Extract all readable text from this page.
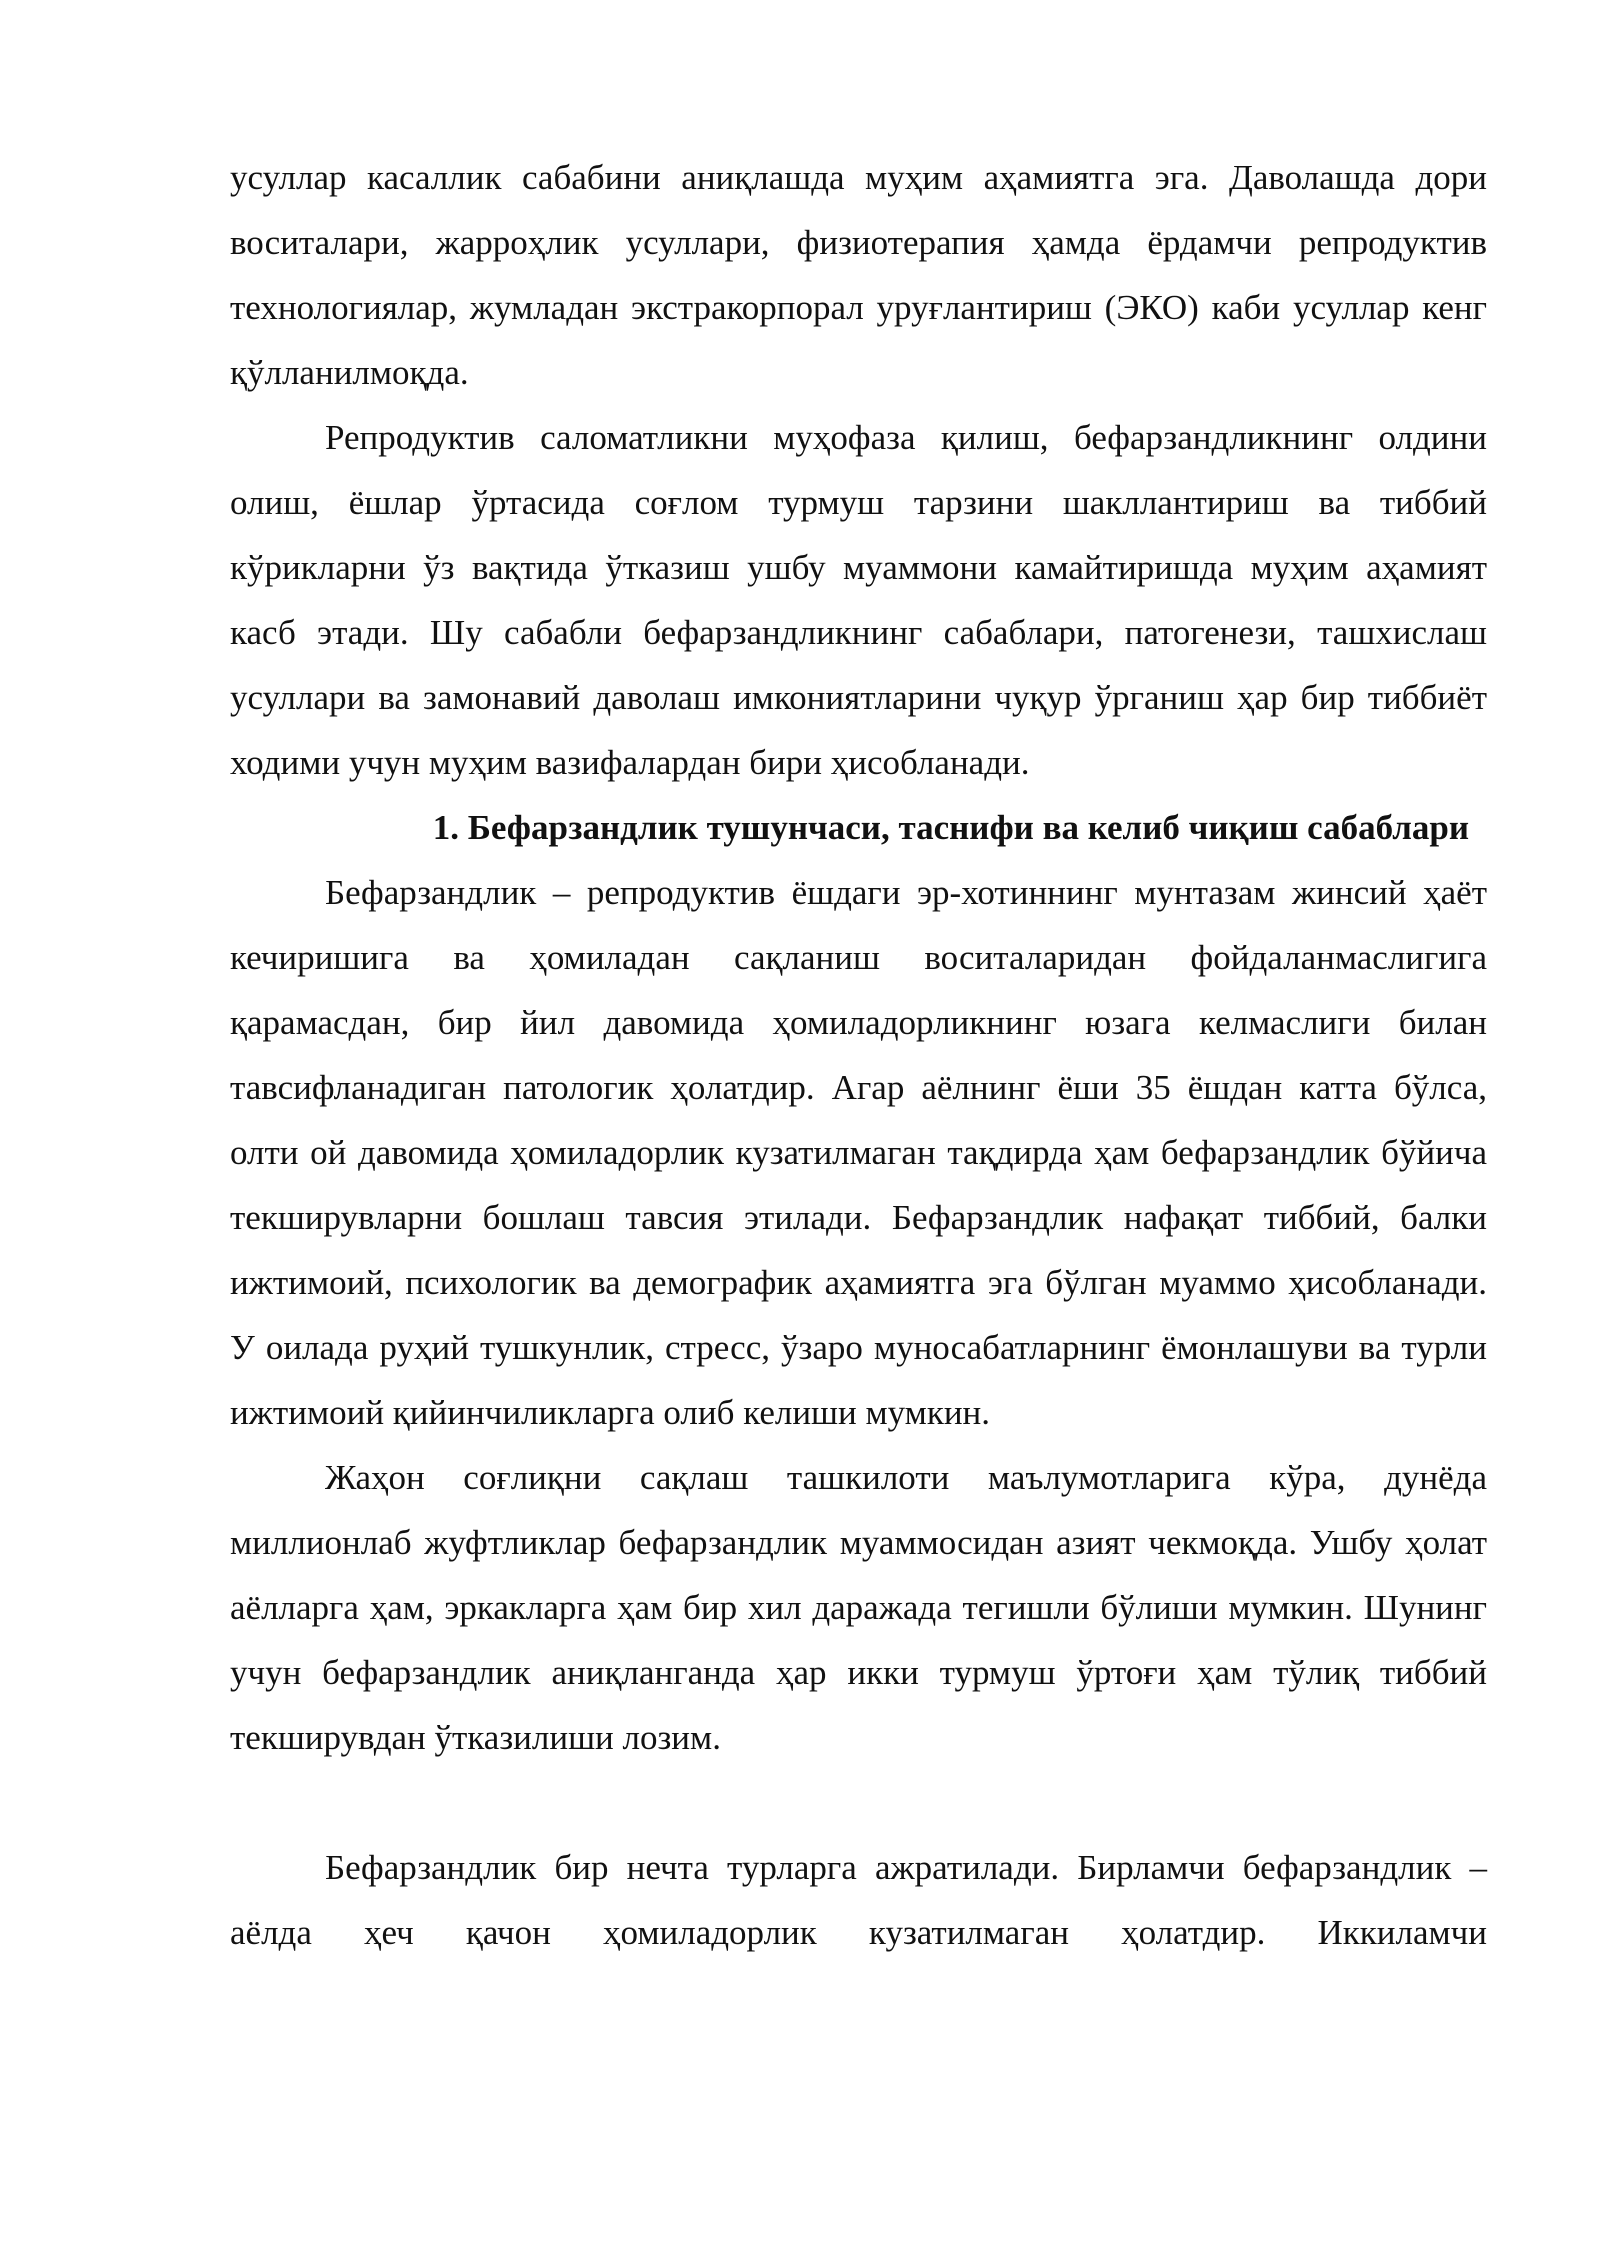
усуллар касаллик сабабини аниқлашда муҳим аҳамиятга эга. Даволашда дори воситалари, жарроҳлик усуллари, физиотерапия ҳамда ёрдамчи репродуктив технологиялар, жумладан экстракорпорал уруғлантириш (ЭКО) каби усуллар кенг қўлланилмоқда.

Репродуктив саломатликни муҳофаза қилиш, бефарзандликнинг олдини олиш, ёшлар ўртасида соғлом турмуш тарзини шакллантириш ва тиббий кўрикларни ўз вақтида ўтказиш ушбу муаммони камайтиришда муҳим аҳамият касб этади. Шу сабабли бефарзандликнинг сабаблари, патогенези, ташхислаш усуллари ва замонавий даволаш имкониятларини чуқур ўрганиш ҳар бир тиббиёт ходими учун муҳим вазифалардан бири ҳисобланади.

1. Бефарзандлик тушунчаси, таснифи ва келиб чиқиш сабаблари

Бефарзандлик – репродуктив ёшдаги эр-хотиннинг мунтазам жинсий ҳаёт кечиришига ва ҳомиладан сақланиш воситаларидан фойдаланмаслигига қарамасдан, бир йил давомида ҳомиладорликнинг юзага келмаслиги билан тавсифланадиган патологик ҳолатдир. Агар аёлнинг ёши 35 ёшдан катта бўлса, олти ой давомида ҳомиладорлик кузатилмаган тақдирда ҳам бефарзандлик бўйича текширувларни бошлаш тавсия этилади. Бефарзандлик нафақат тиббий, балки ижтимоий, психологик ва демографик аҳамиятга эга бўлган муаммо ҳисобланади. У оилада руҳий тушкунлик, стресс, ўзаро муносабатларнинг ёмонлашуви ва турли ижтимоий қийинчиликларга олиб келиши мумкин.

Жаҳон соғлиқни сақлаш ташкилоти маълумотларига кўра, дунёда миллионлаб жуфтликлар бефарзандлик муаммосидан азият чекмоқда. Ушбу ҳолат аёлларга ҳам, эркакларга ҳам бир хил даражада тегишли бўлиши мумкин. Шунинг учун бефарзандлик аниқланганда ҳар икки турмуш ўртоғи ҳам тўлиқ тиббий текширувдан ўтказилиши лозим.

Бефарзандлик бир нечта турларга ажратилади. Бирламчи бефарзандлик – аёлда ҳеч қачон ҳомиладорлик кузатилмаган ҳолатдир. Иккиламчи
